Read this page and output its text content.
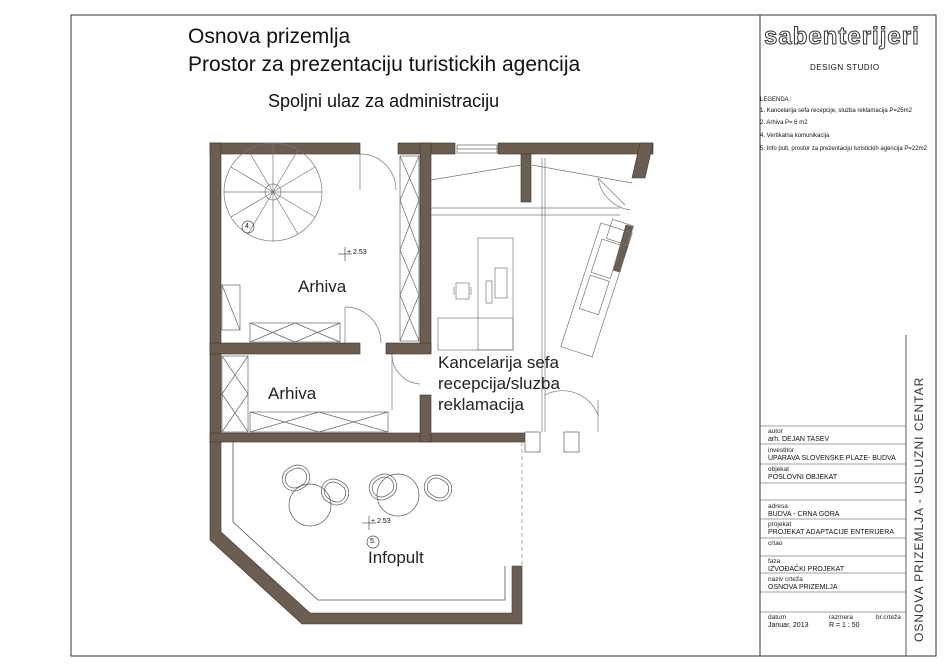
Osnova prizemlja
Prostor za prezentaciju turistickih agencija
Spoljni ulaz za administraciju
Arhiva
Arhiva
Kancelarija sefa
recepcija/sluzba
reklamacija
Infopult
4.
5.
+ 2.53
+ 2.53
sabenterijeri
DESIGN STUDIO
LEGENDA :
1. Kancelarija sefa recepcije, sluzba reklamacija P=25m2
2. Arhiva P= 6 m2
4. Vertikalna komunikacija
5. Info pult, prostor za prezentaciju turistickih agencija P=22m2
autor
arh. DEJAN TASEV
investitor
UPARAVA SLOVENSKE PLAZE- BUDVA
objekat
POSLOVNI OBJEKAT
adresa
BUDVA - CRNA GORA
projekat
PROJEKAT ADAPTACIJE ENTERIJERA
crtao
faza
IZVOĐAČKI PROJEKAT
naziv crteža
OSNOVA PRIZEMLJA
datum
Januar, 2013
razmera
R = 1 : 50
br.crteža OSNOVA PRIZEMLJA - USLUZNI CENTAR
